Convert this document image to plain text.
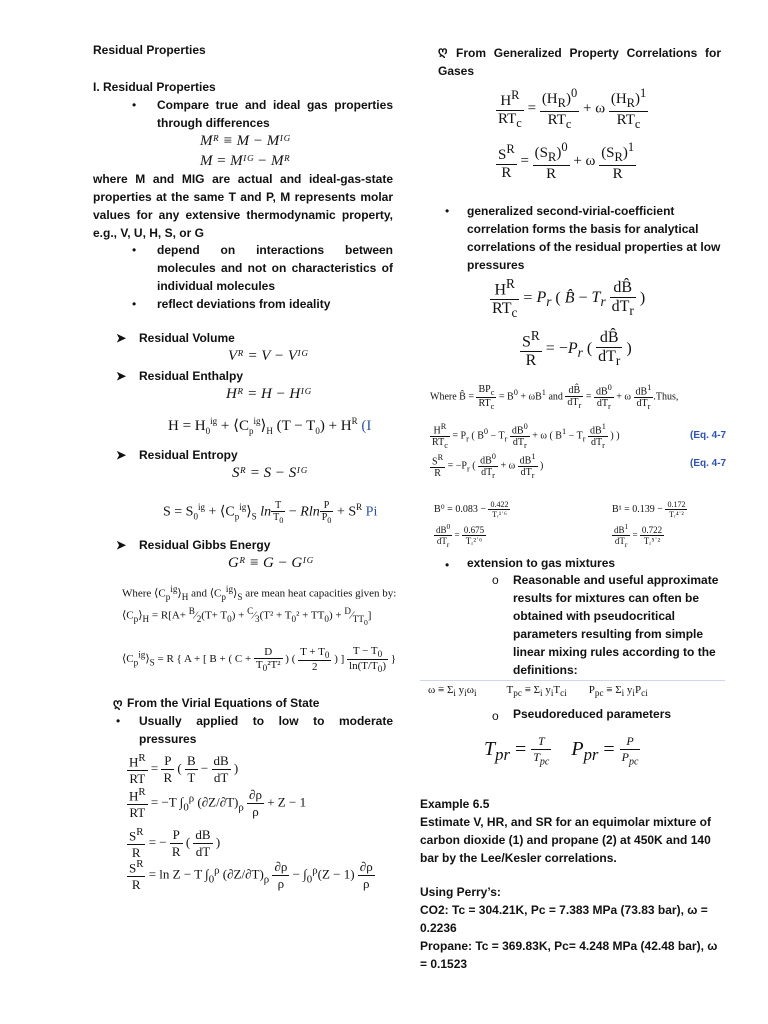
Residual Properties
I. Residual Properties
• Compare true and ideal gas properties through differences

Mᴿ ≡ M − Mᴵᴳ
M = Mᴵᴳ − Mᴿ

where M and MIG are actual and ideal-gas-state properties at the same T and P, M represents molar values for any extensive thermodynamic property, e.g., V, U, H, S, or G

• depend on interactions between molecules and not on characteristics of individual molecules

• reflect deviations from ideality

➤ Residual Volume
Vᴿ = V − Vᴵᴳ
➤ Residual Enthalpy
Hᴿ = H − Hᴵᴳ
$H = H_0^{ig}$ + $⟨C_p^{ig}⟩_H$ $(T - T_0) + H^R$ (I
➤ Residual Entropy
Sᴿ = S − Sᴵᴳ
$S = S_0^{ig}$ + $⟨C_p^{ig}⟩_S$ $\ln \frac{T}{T_0} - Rln \frac{P}{P_0} + S^R$ Pi
➤ Residual Gibbs Energy
Gᴿ ≡ G − Gᴵᴳ
Where $⟨C_p^{ig}⟩_H$ and $⟨C_p^{ig}⟩_S$ are mean heat capacities given by:
$⟨C_p⟩_H = R[A+$ $^B⁄_2(T+ T_0)$ + $^C⁄_3(T^2 + T_0^2 + TT_0)$ + $^D⁄_{TT_0}$]
$⟨C_p^{ig}⟩_S = R$ { A + [ B + ( $C + \frac{D}{T_0^2T^2}$ ) ( $\frac{T + T_0}{2}$ ) ] $\frac{T - T_0}{\ln(T/T_0)}$ }
ღ From the Virial Equations of State
• Usually applied to low to moderate pressures

$\frac{H^R}{RT} = \frac{P}{R}$ ( $\frac{B}{T} - \frac{dB}{dT}$ )
$\frac{H^R}{RT} = -T$ $\int_0^\rho$ $(\partial Z/\partial T)_\rho \frac{\partial\rho}{\rho} + Z - 1$
$\frac{S^R}{R}$ = − $\frac{P}{R}$ ( $\frac{dB}{dT}$ )
$\frac{S^R}{R} = \ln Z - T$ $\int_0^\rho$ $(\partial Z/\partial T)_\rho \frac{\partial\rho}{\rho} - \int_0^\rho(Z - 1) \frac{\partial\rho}{\rho}$
ღ From Generalized Property Correlations for Gases

$\frac{H^R}{RT_c} = \frac{(H_R)^0}{RT_c} + \omega \frac{(H_R)^1}{RT_c}$
$\frac{S^R}{R} = \frac{(S_R)^0}{R} + \omega \frac{(S_R)^1}{R}$
• generalized second-virial-coefficient correlation forms the basis for analytical correlations of the residual properties at low pressures

$\frac{H^R}{RT_c} = P_r$ ( B̂ − $T_r \frac{dB̂}{dT_r}$ )
$\frac{S^R}{R} = -P_r$ ( $\frac{dB̂}{dT_r}$ )
Where B̂ = $\frac{BP_c}{RT_c} = B^0 + \omega B^1$ and $\frac{dB̂}{dT_r} = \frac{dB^0}{dT_r} + \omega \frac{dB^1}{dT_r}$ .Thus,
$\frac{H^R}{RT_c} = P_r$ ( $B^0 - T_r \frac{dB^0}{dT_r} + \omega$ ( $B^1 - T_r \frac{dB^1}{dT_r}$ ) )	(Eq. 4-7
$\frac{S^R}{R} = -P_r$ ( $\frac{dB^0}{dT_r} + \omega \frac{dB^1}{dT_r}$ )	(Eq. 4-7
$B^0 = 0.083 - \frac{0.422}{\text{Tᵣ¹˙⁶}}$	$B^1 = 0.139 - \frac{0.172}{\text{Tᵣ⁴˙²}}$
$\frac{dB^0}{dT_r} = \frac{0.675}{\text{Tᵣ²˙⁶}}$	$\frac{dB^1}{dT_r} = \frac{0.722}{\text{Tᵣ⁵˙²}}$
• extension to gas mixtures
o Reasonable and useful approximate results for mixtures can often be obtained with pseudocritical parameters resulting from simple linear mixing rules according to the definitions:

$\omega \equiv \Sigma_i$ $y_i\omega_i$           $T_{pc} \equiv \Sigma_i$ $y_iT_{ci}$        $P_{pc} \equiv \Sigma_i$ $y_iP_{ci}$
o Pseudoreduced parameters
$T_{pr} = \frac{T}{T_{pc}} P_{pr} = \frac{P}{P_{pc}}$
Example 6.5

Estimate V, HR, and SR for an equimolar mixture of carbon dioxide (1) and propane (2) at 450K and 140 bar by the Lee/Kesler correlations.

Using Perry’s:

CO2: Tc = 304.21K, Pc = 7.383 MPa (73.83 bar), ω = 0.2236

Propane: Tc = 369.83K, Pc= 4.248 MPa (42.48 bar), ω = 0.1523
